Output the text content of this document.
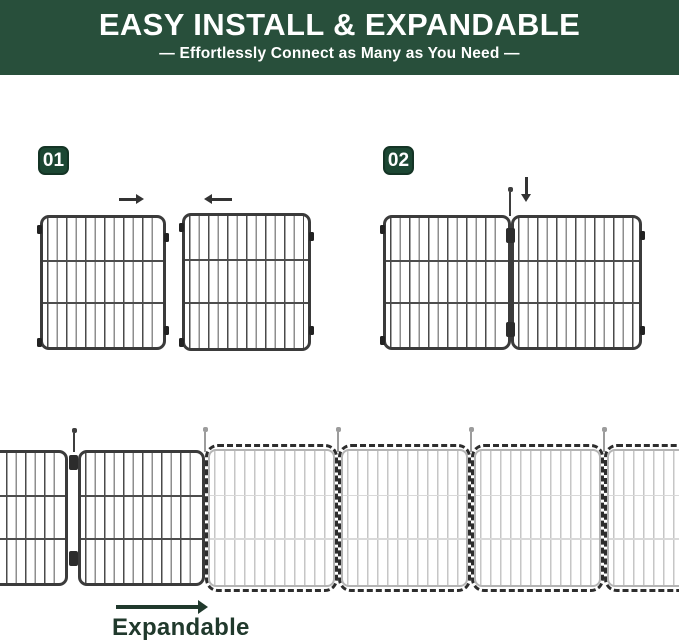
EASY INSTALL & EXPANDABLE
— Effortlessly Connect as Many as You Need —
01	02
Expandable
